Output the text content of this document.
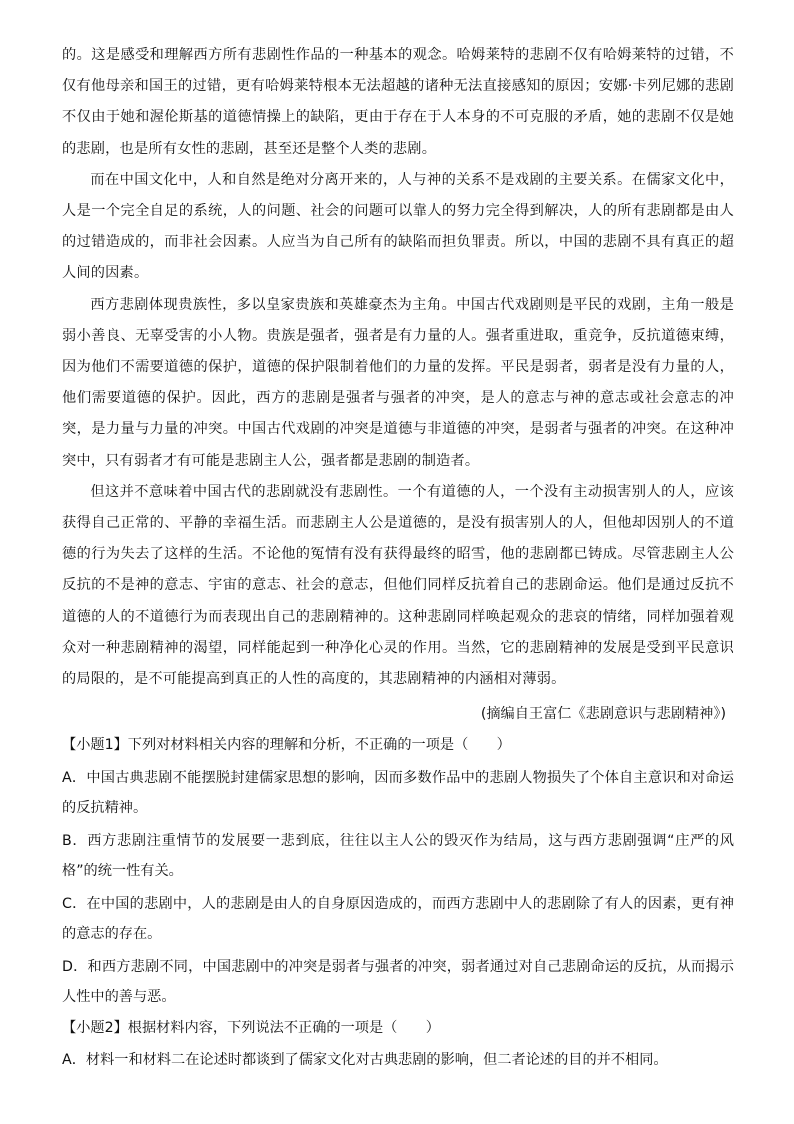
的。这是感受和理解西方所有悲剧性作品的一种基本的观念。哈姆莱特的悲剧不仅有哈姆莱特的过错，不仅有他母亲和国王的过错，更有哈姆莱特根本无法超越的诸种无法直接感知的原因；安娜·卡列尼娜的悲剧不仅由于她和渥伦斯基的道德情操上的缺陷，更由于存在于人本身的不可克服的矛盾，她的悲剧不仅是她的悲剧，也是所有女性的悲剧，甚至还是整个人类的悲剧。

而在中国文化中，人和自然是绝对分离开来的，人与神的关系不是戏剧的主要关系。在儒家文化中，人是一个完全自足的系统，人的问题、社会的问题可以靠人的努力完全得到解决，人的所有悲剧都是由人的过错造成的，而非社会因素。人应当为自己所有的缺陷而担负罪责。所以，中国的悲剧不具有真正的超人间的因素。

西方悲剧体现贵族性，多以皇家贵族和英雄豪杰为主角。中国古代戏剧则是平民的戏剧，主角一般是弱小善良、无辜受害的小人物。贵族是强者，强者是有力量的人。强者重进取，重竞争，反抗道德束缚，因为他们不需要道德的保护，道德的保护限制着他们的力量的发挥。平民是弱者，弱者是没有力量的人，他们需要道德的保护。因此，西方的悲剧是强者与强者的冲突，是人的意志与神的意志或社会意志的冲突，是力量与力量的冲突。中国古代戏剧的冲突是道德与非道德的冲突，是弱者与强者的冲突。在这种冲突中，只有弱者才有可能是悲剧主人公，强者都是悲剧的制造者。

但这并不意味着中国古代的悲剧就没有悲剧性。一个有道德的人，一个没有主动损害别人的人，应该获得自己正常的、平静的幸福生活。而悲剧主人公是道德的，是没有损害别人的人，但他却因别人的不道德的行为失去了这样的生活。不论他的冤情有没有获得最终的昭雪，他的悲剧都已铸成。尽管悲剧主人公反抗的不是神的意志、宇宙的意志、社会的意志，但他们同样反抗着自己的悲剧命运。他们是通过反抗不道德的人的不道德行为而表现出自己的悲剧精神的。这种悲剧同样唤起观众的悲哀的情绪，同样加强着观众对一种悲剧精神的渴望，同样能起到一种净化心灵的作用。当然，它的悲剧精神的发展是受到平民意识的局限的，是不可能提高到真正的人性的高度的，其悲剧精神的内涵相对薄弱。

(摘编自王富仁《悲剧意识与悲剧精神》)

【小题1】下列对材料相关内容的理解和分析，不正确的一项是（　　）

A．中国古典悲剧不能摆脱封建儒家思想的影响，因而多数作品中的悲剧人物损失了个体自主意识和对命运的反抗精神。

B．西方悲剧注重情节的发展要一悲到底，往往以主人公的毁灭作为结局，这与西方悲剧强调“庄严的风格”的统一性有关。

C．在中国的悲剧中，人的悲剧是由人的自身原因造成的，而西方悲剧中人的悲剧除了有人的因素，更有神的意志的存在。

D．和西方悲剧不同，中国悲剧中的冲突是弱者与强者的冲突，弱者通过对自己悲剧命运的反抗，从而揭示人性中的善与恶。

【小题2】根据材料内容，下列说法不正确的一项是（　　）

A．材料一和材料二在论述时都谈到了儒家文化对古典悲剧的影响，但二者论述的目的并不相同。
